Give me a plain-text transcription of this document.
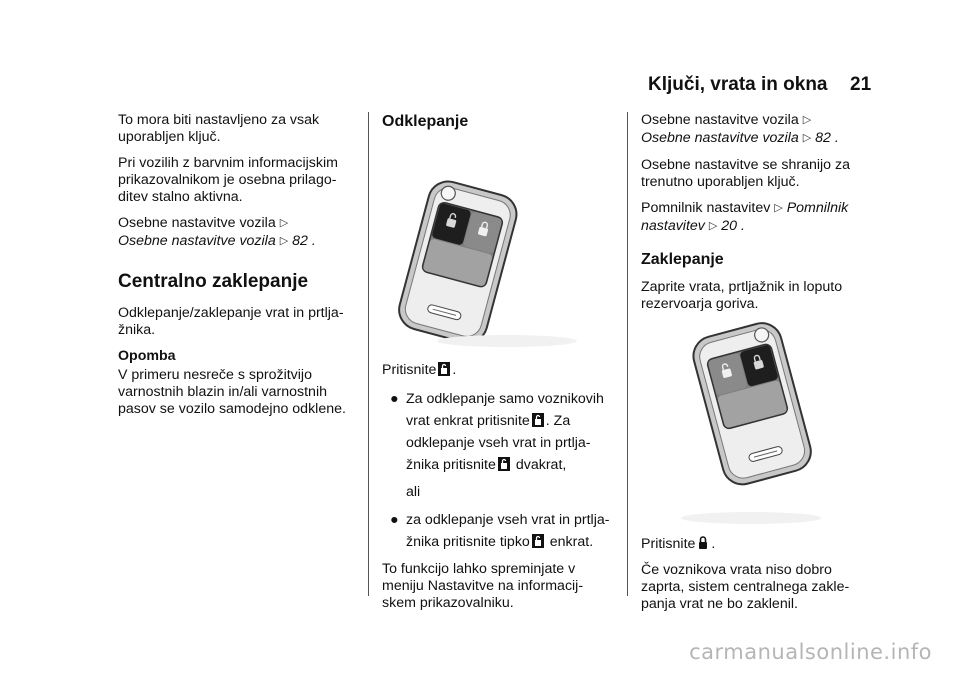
Ključi, vrata in okna 21

To mora biti nastavljeno za vsak
uporabljen ključ.

Pri vozilih z barvnim informacijskim
prikazovalnikom je osebna prilago-
ditev stalno aktivna.

Osebne nastavitve vozila ▷
Osebne nastavitve vozila ▷ 82 .

Centralno zaklepanje

Odklepanje/zaklepanje vrat in prtlja-
žnika.

Opomba

V primeru nesreče s sprožitvijo
varnostnih blazin in/ali varnostnih
pasov se vozilo samodejno odklene.

Odklepanje

Pritisnite .

● Za odklepanje samo voznikovih
vrat enkrat pritisnite . Za
odklepanje vseh vrat in prtlja-
žnika pritisnite dvakrat,
ali
● za odklepanje vseh vrat in prtlja-
žnika pritisnite tipko enkrat.

To funkcijo lahko spreminjate v
meniju Nastavitve na informacij-
skem prikazovalniku.

Osebne nastavitve vozila ▷
Osebne nastavitve vozila ▷ 82 .

Osebne nastavitve se shranijo za
trenutno uporabljen ključ.

Pomnilnik nastavitev ▷ Pomnilnik
nastavitev ▷ 20 .

Zaklepanje

Zaprite vrata, prtljažnik in loputo
rezervoarja goriva.

Pritisnite .

Če voznikova vrata niso dobro
zaprta, sistem centralnega zakle-
panja vrat ne bo zaklenil.

carmanualsonline.info
